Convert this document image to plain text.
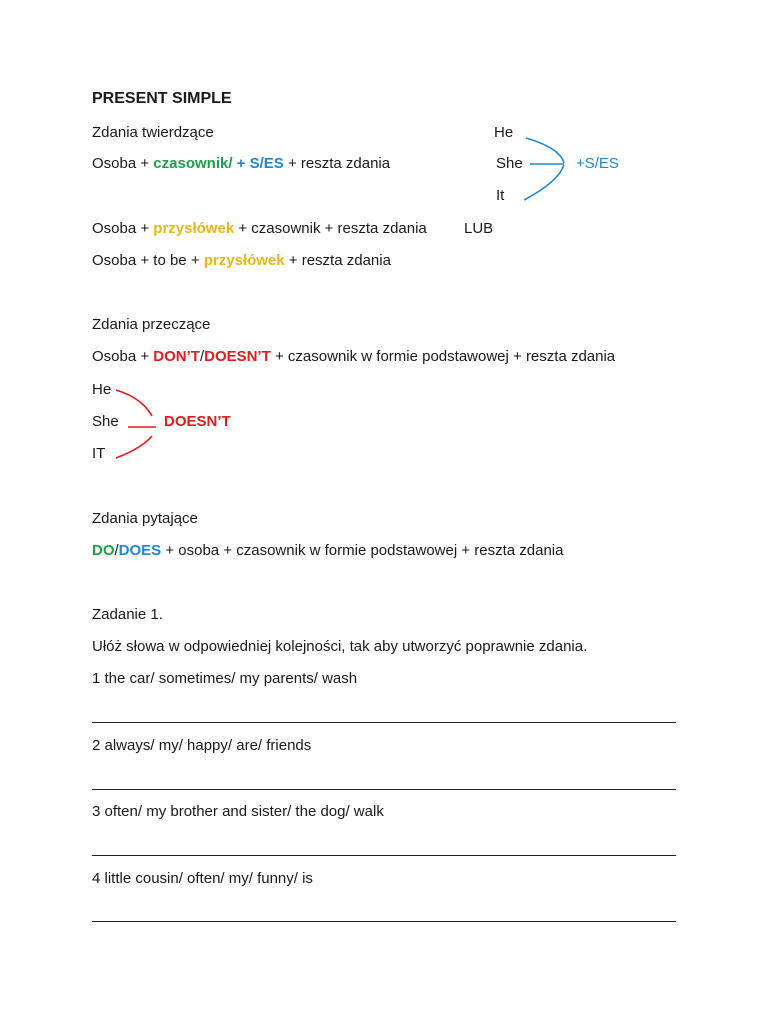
PRESENT SIMPLE
Zdania twierdzące
Osoba + czasownik/ + S/ES + reszta zdania
He
She
It
+S/ES
Osoba + przysłówek + czasownik + reszta zdania LUB
Osoba + to be + przysłówek + reszta zdania
Zdania przeczące
Osoba + DON’T/DOESN’T + czasownik w formie podstawowej + reszta zdania
He
She
IT
DOESN’T
Zdania pytające
DO/DOES + osoba + czasownik w formie podstawowej + reszta zdania
Zadanie 1.
Ułóż słowa w odpowiedniej kolejności, tak aby utworzyć poprawnie zdania.
1 the car/ sometimes/ my parents/ wash
2 always/ my/ happy/ are/ friends
3 often/ my brother and sister/ the dog/ walk
4 little cousin/ often/ my/ funny/ is
